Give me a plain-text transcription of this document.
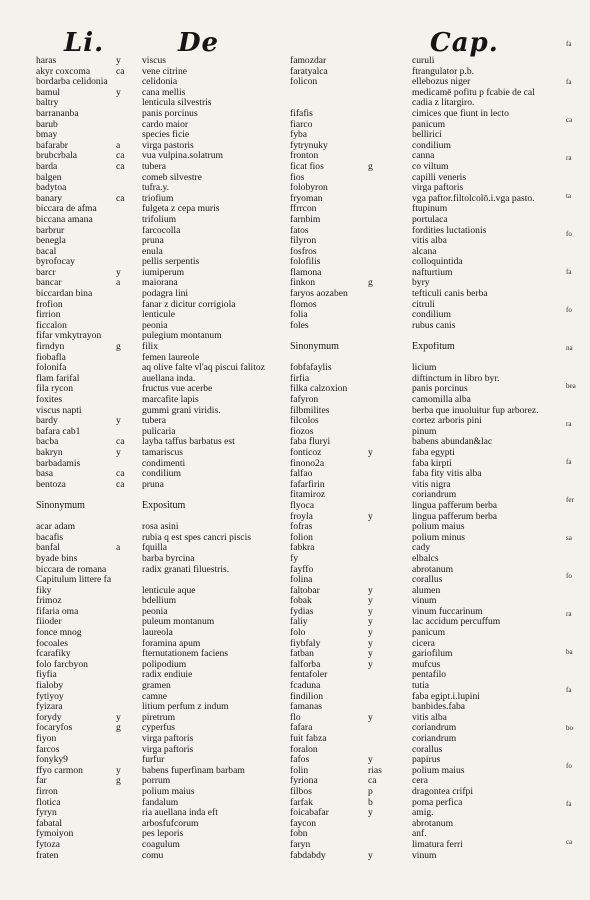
Li.	De	Cap.
haras	y	viscus
akyr coxcoma	ca	vene citrine
bordarba celidonia	celidonia
bamul	y	cana mellis
baltry	lenticula silvestris
barrananba	panis porcinus
barub	cardo maior
bmay	species ficie
bafarabr	a	virga pastoris
brubcrbala	ca	vua vulpina.solatrum
barda	ca	tubera
balgen	comeb silvestre
badytoa	tufra.y.
banary	ca	triofium
biccara de afma	fulgeta z cepa muris
biccana amana	trifolium
barbrur	farcocolla
benegla	pruna
bacal	enula
byrofocay	pellis serpentis
barcr	y	iumiperum
bancar	a	maiorana
biccardan bina	podagra lini
frofion	fanar z dicitur corrigiola
firrion	lenticule
ficcalon	peonia
fifar vmkytrayon	pulegium montanum
firndyn	g	filix
fiobafla	femen laureole
folonifa	aq olive falte vl'aq piscui falitoz
flam farifal	auellana inda.
fila rycon	fructus vue acerbe
foxites	marcafite lapis
viscus napti	gummi grani viridis.
bardy	y	tubera
bafara cab1	pulicaria
bacba	ca	layba taffus barbatus est
bakryn	y	tamariscus
barbadamis	condimenti
basa	ca	condilium
bentoza	ca	pruna
Sinonymum	Expositum
acar adam	rosa asini
bacafis	rubia q est spes cancri piscis
banfal	a	fquilla
byade bins	barba byrcina
biccara de romana	radix granati filuestris.
Capitulum littere fa
fiky	lenticule aque
frimoz	bdellium
fifaria oma	peonia
fiioder	puleum montanum
fonce mnog	laureola
focoales	foramina apum
fcarafiky	fternutationem faciens
folo farcbyon	polipodium
fiyfia	radix endiuie
fialoby	gramen
fytiyoy	camne
fyizara	litium perfum z indum
forydy	y	piretrum
focaryfos	g	cyperfus
fiyon	virga paftoris
farcos	virga paftoris
fonyky9	furfur
ffyo carmon	y	babens fuperfinam barbam
far	g	porrum
firron	polium maius
flotica	fandalum
fyryn	ria auellana inda eft
fabatal	arbosfufcorum
fymoiyon	pes leporis
fytoza	coagulum
fraten	comu
famozdar	curuli
faratyalca	ftrangulator p.b.
folicon	ellebozus niger
medicamē pofitu p fcabie de cal
cadia z litargiro.
fifafis	cimices que fiunt in lecto
fiarco	panicum
fyba	bellirici
fytrynuky	condilium
fronton	canna
ficat fios	g	co viltum
fios	capilli veneris
folobyron	virga paftoris
fryoman	vga paftor.filtolcolō.i.vga pasto.
ffrrcon	ftupinum
farnbim	portulaca
fatos	fordities luctationis
filyron	vitis alba
fosfros	alcana
folofilis	colloquintida
flamona	nafturtium
finkon	g	byry
faryos aozaben	tefticuli canis berba
flomos	citruli
folia	condilium
foles	rubus canis
Sinonymum	Expofitum
fobfafaylis	licium
firfia	diftinctum in libro byr.
filka calzoxion	panis porcinus
fafyron	camomilla alba
filbmilites	berba que inuoluitur fup arborez.
filcolos	cortez arboris pini
fiozos	pinum
faba fluryi	babens abundan&lac
fonticoz	y	faba egypti
finono2a	faba kirpti
falfao	faba fity vitis alba
fafarfirin	vitis nigra
fitamiroz	coriandrum
flyoca	lingua pafferum berba
froyla	y	lingua pafferum berba
fofras	polium maius
folion	polium minus
fabkra	cady
fy	elbalcs
fayffo	abrotanum
folina	corallus
faltobar	y	alumen
fobak	y	vinum
fydias	y	vinum fuccarinum
faliy	y	lac accidum percuffum
folo	y	panicum
fiybfaly	y	cicera
fatban	y	gariofilum
falforba	y	mufcus
fentafoler	pentafilo
fcaduna	tutia
findilion	faba egipt.i.lupini
famanas	banbides.faba
flo	y	vitis alba
fafara	coriandrum
fuit fabza	coriandrum
foralon	corallus
fafos	y	papirus
folin	rias	polium maius
fyriona	ca	cera
filbos	p	dragontea crifpi
farfak	b	poma perfica
foicabafar	y	amig.
faycon	abrotanum
fobn	anf.
faryn	limatura ferri
fabdabdy	y	vinum
fa
fa
ca
ra
ta
fo
fa
fo
na
bea
ra
fa
fer
sa
fo
ra
ba
fa
bo
fo
fa
ca
